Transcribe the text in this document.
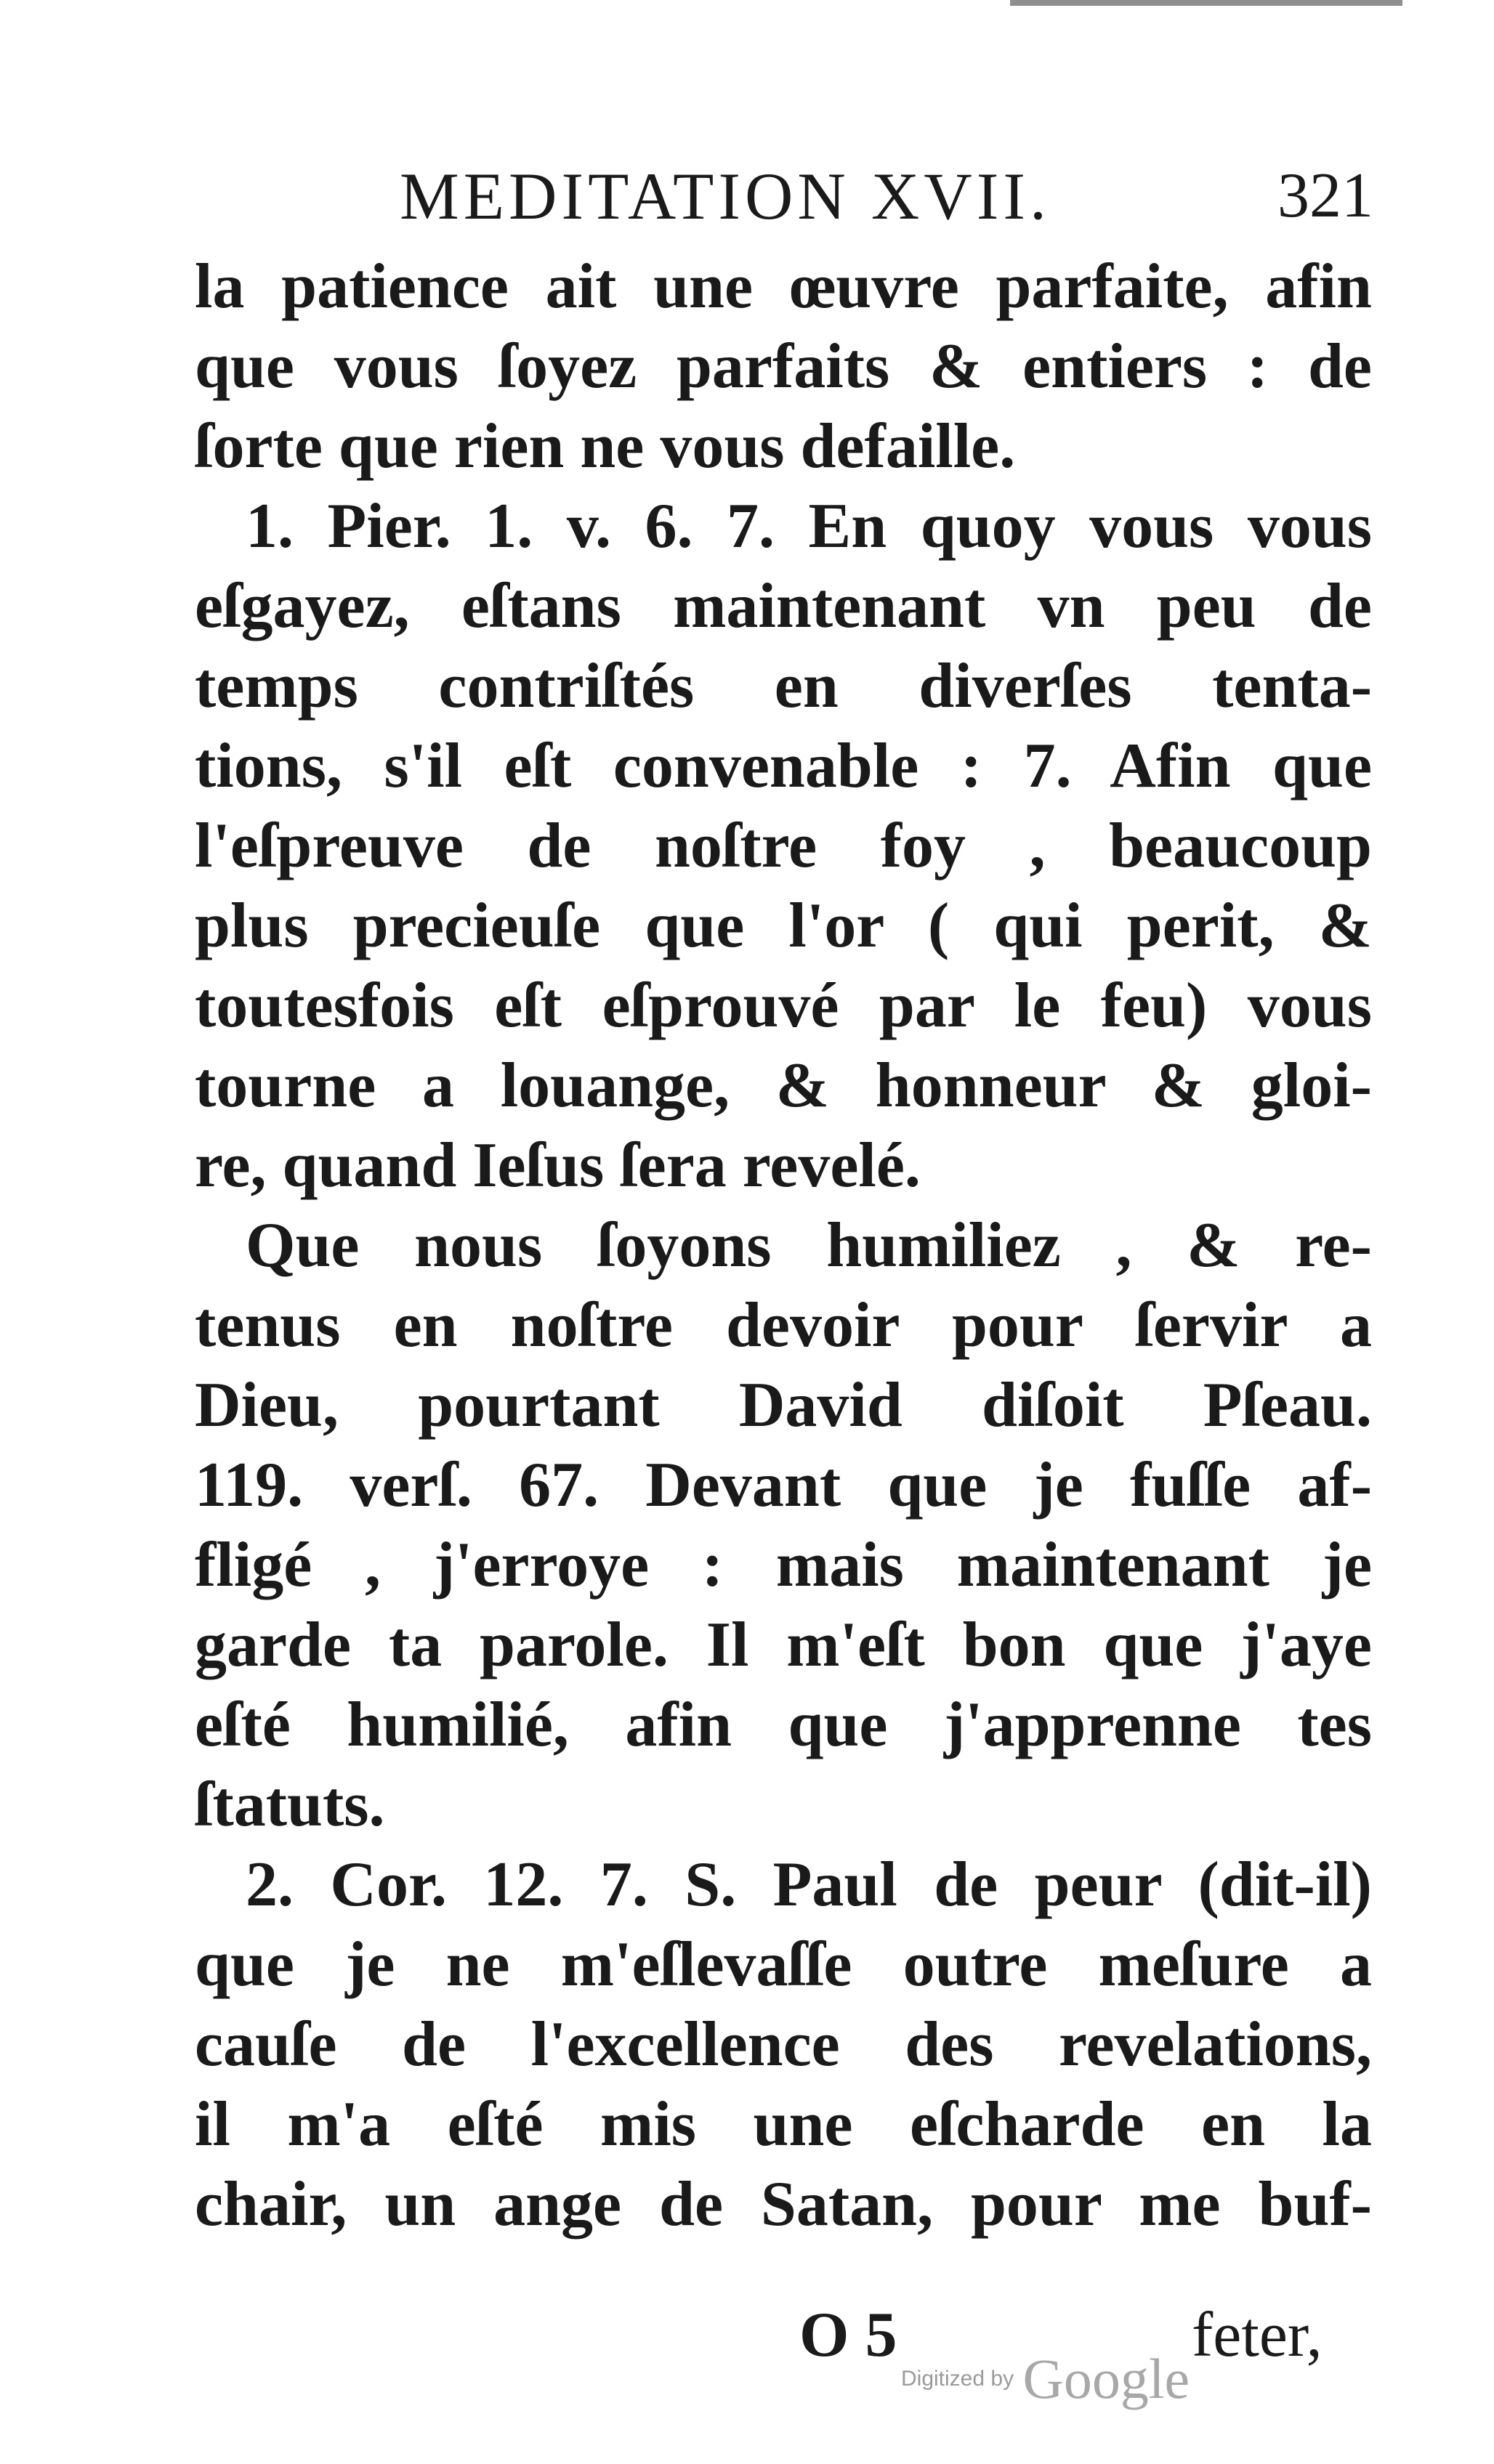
MEDITATION XVII.	321
la patience ait une œuvre parfaite, afin
que vous ſoyez parfaits & entiers : de
ſorte que rien ne vous defaille.
1. Pier. 1. v. 6. 7. En quoy vous vous
eſgayez, eſtans maintenant vn peu de
temps contriſtés en diverſes tenta-
tions, s'il eſt convenable : 7. Afin que
l'eſpreuve de noſtre foy , beaucoup
plus precieuſe que l'or ( qui perit, &
toutesfois eſt eſprouvé par le feu) vous
tourne a louange, & honneur & gloi-
re, quand Ieſus ſera revelé.
Que nous ſoyons humiliez , & re-
tenus en noſtre devoir pour ſervir a
Dieu, pourtant David diſoit Pſeau.
119. verſ. 67. Devant que je fuſſe af-
fligé , j'erroye : mais maintenant je
garde ta parole. Il m'eſt bon que j'aye
eſté humilié, afin que j'apprenne tes
ſtatuts.
2. Cor. 12. 7. S. Paul de peur (dit-il)
que je ne m'eſlevaſſe outre meſure a
cauſe de l'excellence des revelations,
il m'a eſté mis une eſcharde en la
chair, un ange de Satan, pour me buf-
O 5	feter,
Digitized by Google
